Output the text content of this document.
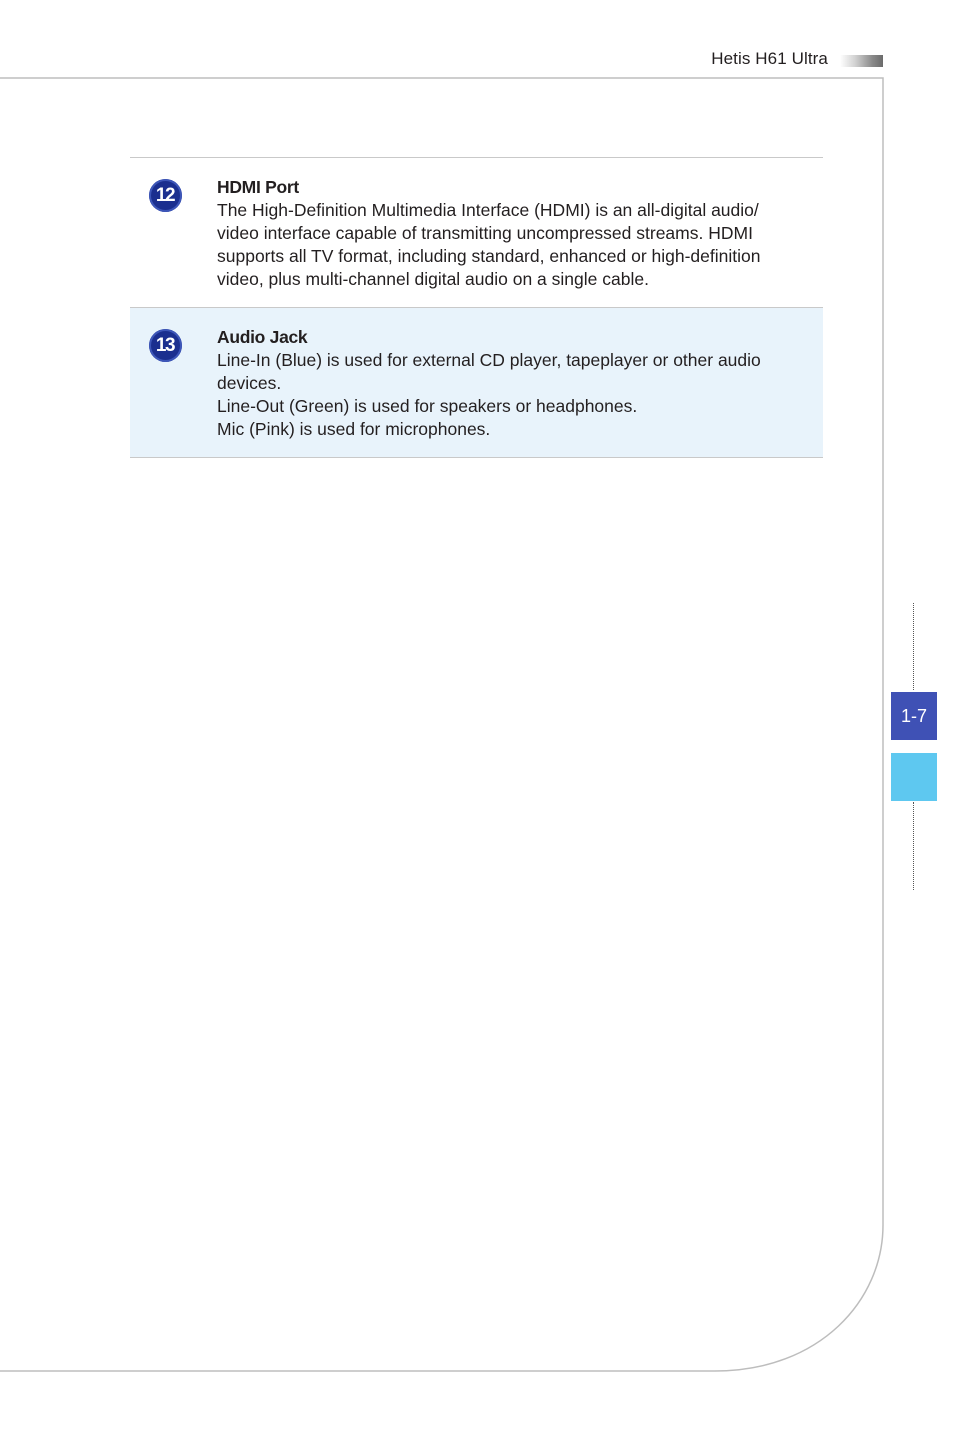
Hetis H61 Ultra
12 HDMI Port
The High-Definition Multimedia Interface (HDMI) is an all-digital audio/
video interface capable of transmitting uncompressed streams. HDMI
supports all TV format, including standard, enhanced or high-definition
video, plus multi-channel digital audio on a single cable.
13 Audio Jack
Line-In (Blue) is used for external CD player, tapeplayer or other audio
devices.
Line-Out (Green) is used for speakers or headphones.
Mic (Pink) is used for microphones.
1-7
